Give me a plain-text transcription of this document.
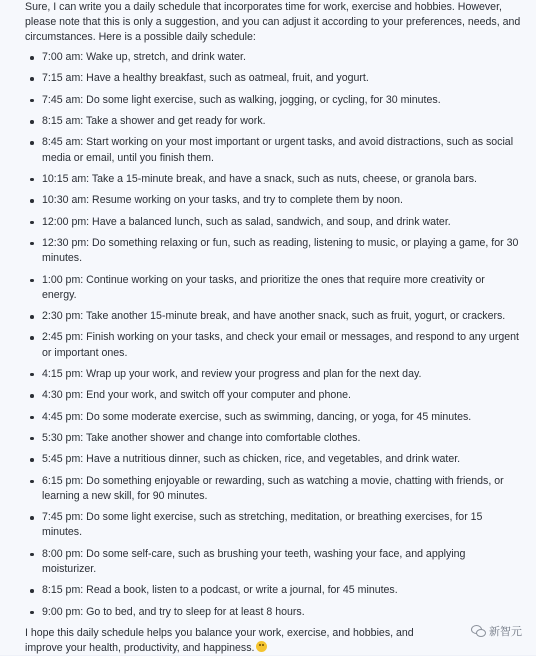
Sure, I can write you a daily schedule that incorporates time for work, exercise and hobbies. However, please note that this is only a suggestion, and you can adjust it according to your preferences, needs, and circumstances. Here is a possible daily schedule:

7:00 am: Wake up, stretch, and drink water.
7:15 am: Have a healthy breakfast, such as oatmeal, fruit, and yogurt.
7:45 am: Do some light exercise, such as walking, jogging, or cycling, for 30 minutes.
8:15 am: Take a shower and get ready for work.
8:45 am: Start working on your most important or urgent tasks, and avoid distractions, such as social media or email, until you finish them.
10:15 am: Take a 15-minute break, and have a snack, such as nuts, cheese, or granola bars.
10:30 am: Resume working on your tasks, and try to complete them by noon.
12:00 pm: Have a balanced lunch, such as salad, sandwich, and soup, and drink water.
12:30 pm: Do something relaxing or fun, such as reading, listening to music, or playing a game, for 30 minutes.
1:00 pm: Continue working on your tasks, and prioritize the ones that require more creativity or energy.
2:30 pm: Take another 15-minute break, and have another snack, such as fruit, yogurt, or crackers.
2:45 pm: Finish working on your tasks, and check your email or messages, and respond to any urgent or important ones.
4:15 pm: Wrap up your work, and review your progress and plan for the next day.
4:30 pm: End your work, and switch off your computer and phone.
4:45 pm: Do some moderate exercise, such as swimming, dancing, or yoga, for 45 minutes.
5:30 pm: Take another shower and change into comfortable clothes.
5:45 pm: Have a nutritious dinner, such as chicken, rice, and vegetables, and drink water.
6:15 pm: Do something enjoyable or rewarding, such as watching a movie, chatting with friends, or learning a new skill, for 90 minutes.
7:45 pm: Do some light exercise, such as stretching, meditation, or breathing exercises, for 15 minutes.
8:00 pm: Do some self-care, such as brushing your teeth, washing your face, and applying moisturizer.
8:15 pm: Read a book, listen to a podcast, or write a journal, for 45 minutes.
9:00 pm: Go to bed, and try to sleep for at least 8 hours.

I hope this daily schedule helps you balance your work, exercise, and hobbies, and improve your health, productivity, and happiness.

新智元
